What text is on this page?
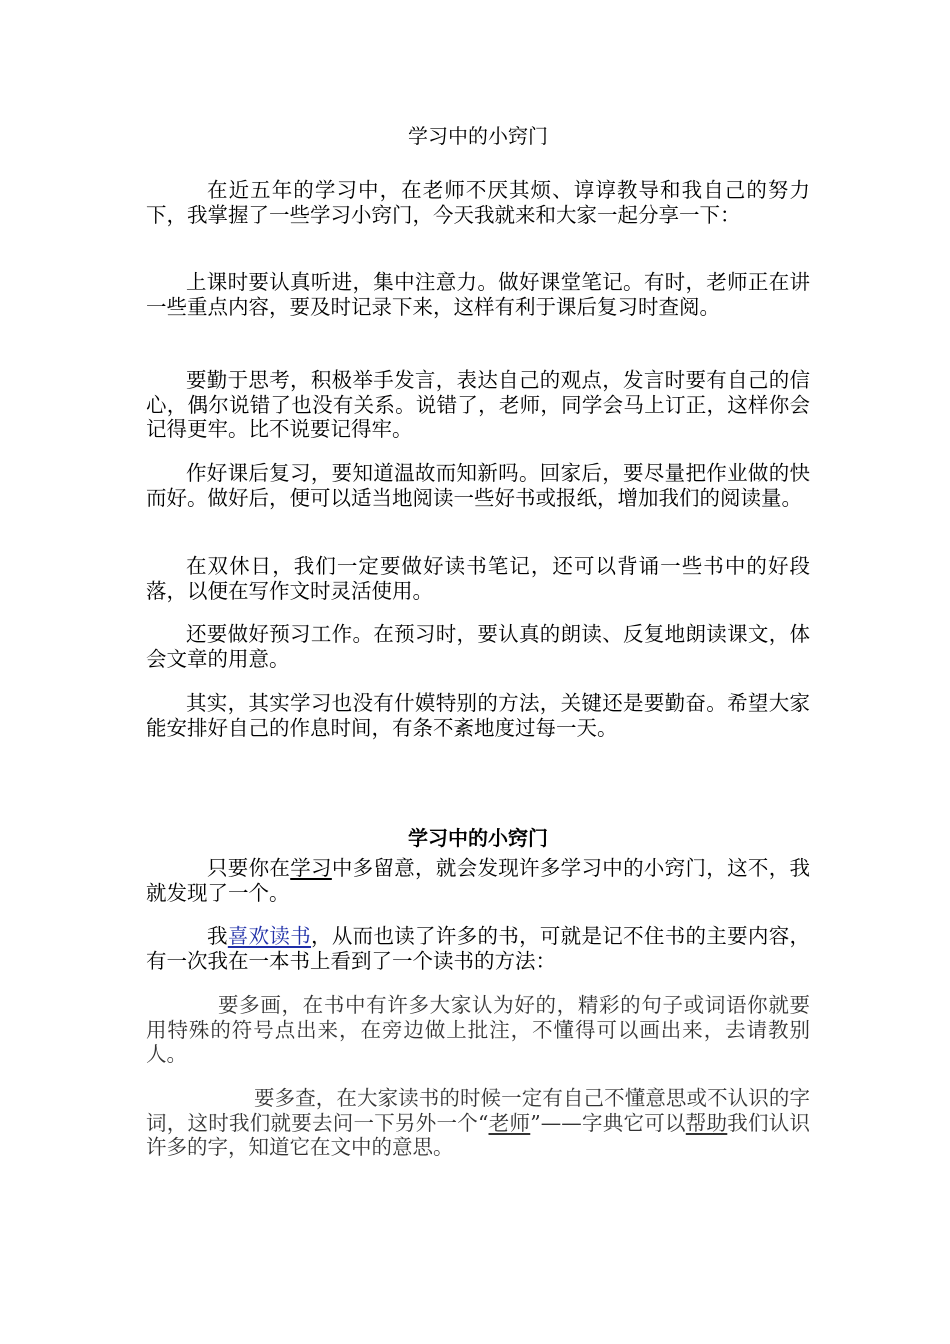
学习中的小窍门
在近五年的学习中，在老师不厌其烦、谆谆教导和我自己的努力下，我掌握了一些学习小窍门，今天我就来和大家一起分享一下：
上课时要认真听进，集中注意力。做好课堂笔记。有时，老师正在讲一些重点内容，要及时记录下来，这样有利于课后复习时查阅。
要勤于思考，积极举手发言，表达自己的观点，发言时要有自己的信心，偶尔说错了也没有关系。说错了，老师，同学会马上订正，这样你会记得更牢。比不说要记得牢。
作好课后复习，要知道温故而知新吗。回家后，要尽量把作业做的快而好。做好后，便可以适当地阅读一些好书或报纸，增加我们的阅读量。
在双休日，我们一定要做好读书笔记，还可以背诵一些书中的好段落，以便在写作文时灵活使用。
还要做好预习工作。在预习时，要认真的朗读、反复地朗读课文，体会文章的用意。
其实，其实学习也没有什嫫特别的方法，关键还是要勤奋。希望大家能安排好自己的作息时间，有条不紊地度过每一天。
学习中的小窍门
只要你在学习中多留意，就会发现许多学习中的小窍门，这不，我就发现了一个。
我喜欢读书，从而也读了许多的书，可就是记不住书的主要内容，有一次我在一本书上看到了一个读书的方法：
要多画，在书中有许多大家认为好的，精彩的句子或词语你就要用特殊的符号点出来，在旁边做上批注，不懂得可以画出来，去请教别人。
要多查，在大家读书的时候一定有自己不懂意思或不认识的字词，这时我们就要去问一下另外一个“老师”——字典它可以帮助我们认识许多的字，知道它在文中的意思。
